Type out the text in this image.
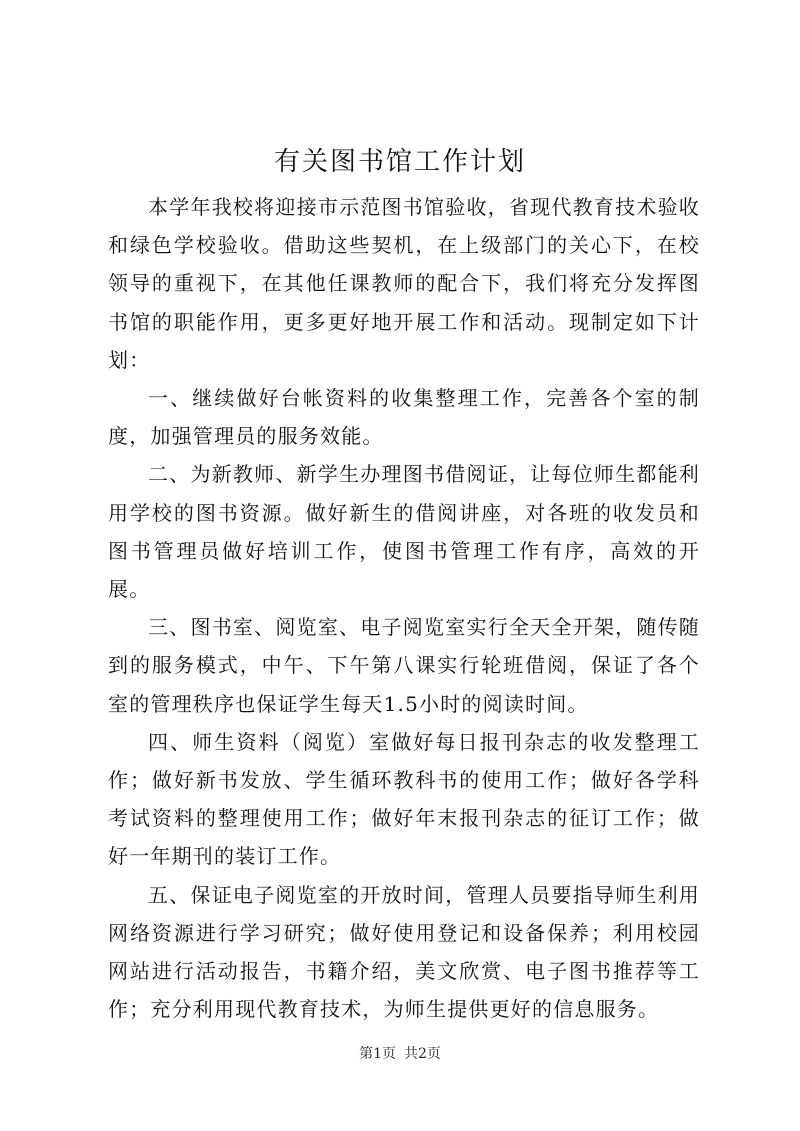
有关图书馆工作计划

本学年我校将迎接市示范图书馆验收，省现代教育技术验收和绿色学校验收。借助这些契机，在上级部门的关心下，在校领导的重视下，在其他任课教师的配合下，我们将充分发挥图书馆的职能作用，更多更好地开展工作和活动。现制定如下计划：

一、继续做好台帐资料的收集整理工作，完善各个室的制度，加强管理员的服务效能。

二、为新教师、新学生办理图书借阅证，让每位师生都能利用学校的图书资源。做好新生的借阅讲座，对各班的收发员和图书管理员做好培训工作，使图书管理工作有序，高效的开展。

三、图书室、阅览室、电子阅览室实行全天全开架，随传随到的服务模式，中午、下午第八课实行轮班借阅，保证了各个室的管理秩序也保证学生每天1.5小时的阅读时间。

四、师生资料（阅览）室做好每日报刊杂志的收发整理工作；做好新书发放、学生循环教科书的使用工作；做好各学科考试资料的整理使用工作；做好年末报刊杂志的征订工作；做好一年期刊的装订工作。

五、保证电子阅览室的开放时间，管理人员要指导师生利用网络资源进行学习研究；做好使用登记和设备保养；利用校园网站进行活动报告，书籍介绍，美文欣赏、电子图书推荐等工作；充分利用现代教育技术，为师生提供更好的信息服务。

第1页 共2页
